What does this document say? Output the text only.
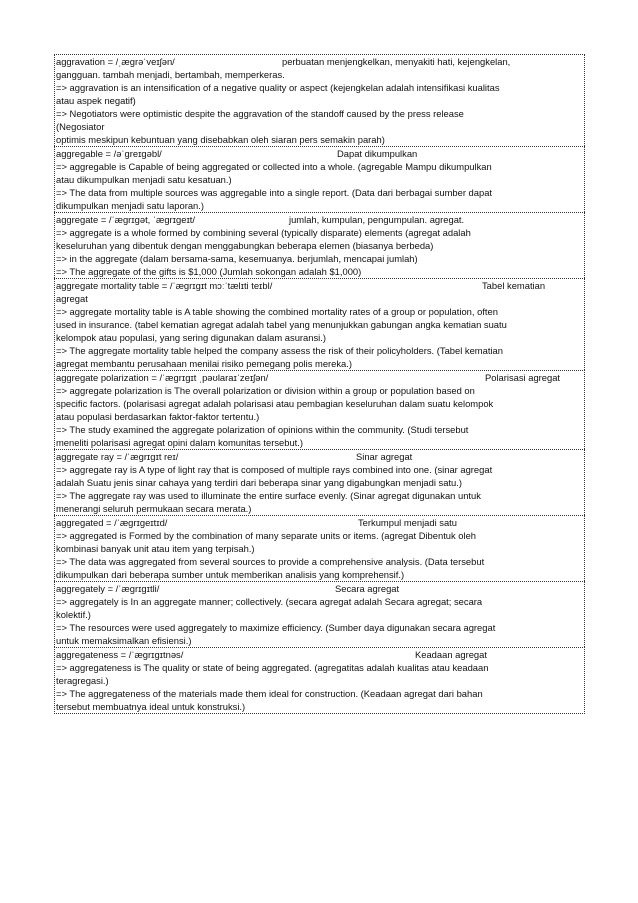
aggravation = /ˌæɡrəˈveɪʃən/	perbuatan menjengkelkan, menyakiti hati, kejengkelan,
gangguan. tambah menjadi, bertambah, memperkeras.
=> aggravation is an intensification of a negative quality or aspect (kejengkelan adalah intensifikasi kualitas
atau aspek negatif)
=> Negotiators were optimistic despite the aggravation of the standoff caused by the press release
(Negosiator
optimis meskipun kebuntuan yang disebabkan oleh siaran pers semakin parah)
aggregable = /əˈɡreɪɡəbl/	Dapat dikumpulkan
=> aggregable is Capable of being aggregated or collected into a whole. (agregable Mampu dikumpulkan
atau dikumpulkan menjadi satu kesatuan.)
=> The data from multiple sources was aggregable into a single report. (Data dari berbagai sumber dapat
dikumpulkan menjadi satu laporan.)
aggregate = /ˈæɡrɪɡət, ˈæɡrɪɡeɪt/	jumlah, kumpulan, pengumpulan. agregat.
=> aggregate is a whole formed by combining several (typically disparate) elements (agregat adalah
keseluruhan yang dibentuk dengan menggabungkan beberapa elemen (biasanya berbeda)
=> in the aggregate (dalam bersama-sama, kesemuanya. berjumlah, mencapai jumlah)
=> The aggregate of the gifts is $1,000 (Jumlah sokongan adalah $1,000)
aggregate mortality table = /ˈæɡrɪɡɪt mɔːˈtælɪti teɪbl/	Tabel kematian
agregat
=> aggregate mortality table is A table showing the combined mortality rates of a group or population, often
used in insurance. (tabel kematian agregat adalah tabel yang menunjukkan gabungan angka kematian suatu
kelompok atau populasi, yang sering digunakan dalam asuransi.)
=> The aggregate mortality table helped the company assess the risk of their policyholders. (Tabel kematian
agregat membantu perusahaan menilai risiko pemegang polis mereka.)
aggregate polarization = /ˈæɡrɪɡɪt ˌpəʊlaraɪˈzeɪʃən/	Polarisasi agregat
=> aggregate polarization is The overall polarization or division within a group or population based on
specific factors. (polarisasi agregat adalah polarisasi atau pembagian keseluruhan dalam suatu kelompok
atau populasi berdasarkan faktor-faktor tertentu.)
=> The study examined the aggregate polarization of opinions within the community. (Studi tersebut
meneliti polarisasi agregat opini dalam komunitas tersebut.)
aggregate ray = /ˈæɡrɪɡɪt reɪ/	Sinar agregat
=> aggregate ray is A type of light ray that is composed of multiple rays combined into one. (sinar agregat
adalah Suatu jenis sinar cahaya yang terdiri dari beberapa sinar yang digabungkan menjadi satu.)
=> The aggregate ray was used to illuminate the entire surface evenly. (Sinar agregat digunakan untuk
menerangi seluruh permukaan secara merata.)
aggregated = /ˈæɡrɪɡeɪtɪd/	Terkumpul menjadi satu
=> aggregated is Formed by the combination of many separate units or items. (agregat Dibentuk oleh
kombinasi banyak unit atau item yang terpisah.)
=> The data was aggregated from several sources to provide a comprehensive analysis. (Data tersebut
dikumpulkan dari beberapa sumber untuk memberikan analisis yang komprehensif.)
aggregately = /ˈæɡrɪɡɪtli/	Secara agregat
=> aggregately is In an aggregate manner; collectively. (secara agregat adalah Secara agregat; secara
kolektif.)
=> The resources were used aggregately to maximize efficiency. (Sumber daya digunakan secara agregat
untuk memaksimalkan efisiensi.)
aggregateness = /ˈæɡrɪɡɪtnəs/	Keadaan agregat
=> aggregateness is The quality or state of being aggregated. (agregatitas adalah kualitas atau keadaan
teragregasi.)
=> The aggregateness of the materials made them ideal for construction. (Keadaan agregat dari bahan
tersebut membuatnya ideal untuk konstruksi.)
